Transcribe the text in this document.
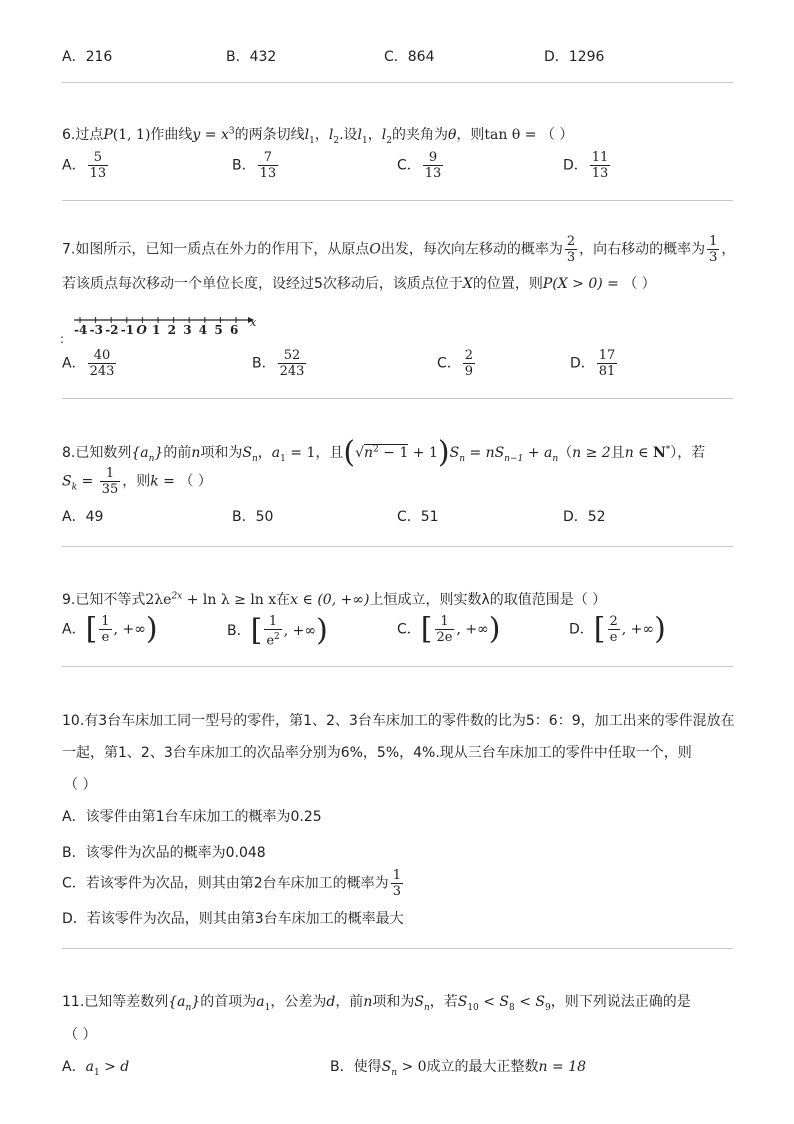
A．216	B．432	C．864	D．1296
6.过点P(1, 1)作曲线$y = x^3$的两条切线$l_1$，$l_2$.设$l_1$，$l_2$的夹角为θ，则tan θ = （ ）
A． $\frac{5}{13}$	B． $\frac{7}{13}$	C． $\frac{9}{13}$	D． $\frac{11}{13}$
7.如图所示，已知一质点在外力的作用下，从原点O出发，每次向左移动的概率为 $\frac{2}{3}$ ，向右移动的概率为 $\frac{1}{3}$ ，
若该质点每次移动一个单位长度，设经过5次移动后，该质点位于X的位置，则P(X > 0) = （ ）
:
-4 -3 -2 -1 O 1 2 3 4 5 6
x
A． $\frac{40}{243}$	B． $\frac{52}{243}$	C． $\frac{2}{9}$	D． $\frac{17}{81}$
8.已知数列$\{a_n\}$的前n项和为$S_n$，$a_1 = 1$，且$(√n^2 - 1 + 1)S_n = nS_{n-1} + a_n(n \ge 2$且n ∈ N*），若
$S_k = \frac{1}{35}$ ，则k = （ ）
A．49	B．50	C．51	D．52
9.已知不等式$2\lambda e^{2x} + \ln \lambda \ge \ln x$在x ∈ (0, +∞)上恒成立，则实数λ的取值范围是（ ）
A．[ $\frac{1}{e}$ , +∞)	B．[ $\frac{1}{e^2}$ , +∞)	C．[ $\frac{1}{2e}$ , +∞)	D．[ $\frac{2}{e}$ , +∞)
10.有3台车床加工同一型号的零件，第1、2、3台车床加工的零件数的比为5：6：9，加工出来的零件混放在
一起，第1、2、3台车床加工的次品率分别为6%，5%，4%.现从三台车床加工的零件中任取一个，则
（ ）
A．该零件由第1台车床加工的概率为0.25
B．该零件为次品的概率为0.048
C．若该零件为次品，则其由第2台车床加工的概率为 $\frac{1}{3}$
D．若该零件为次品，则其由第3台车床加工的概率最大
11.已知等差数列$\{a_n\}$的首项为$a_1$，公差为d，前n项和为$S_n$，若$S_{10} < S_8 < S_9$，则下列说法正确的是
（ ）
A．$a_1 > d$	B．使得$S_n > 0$成立的最大正整数n = 18
